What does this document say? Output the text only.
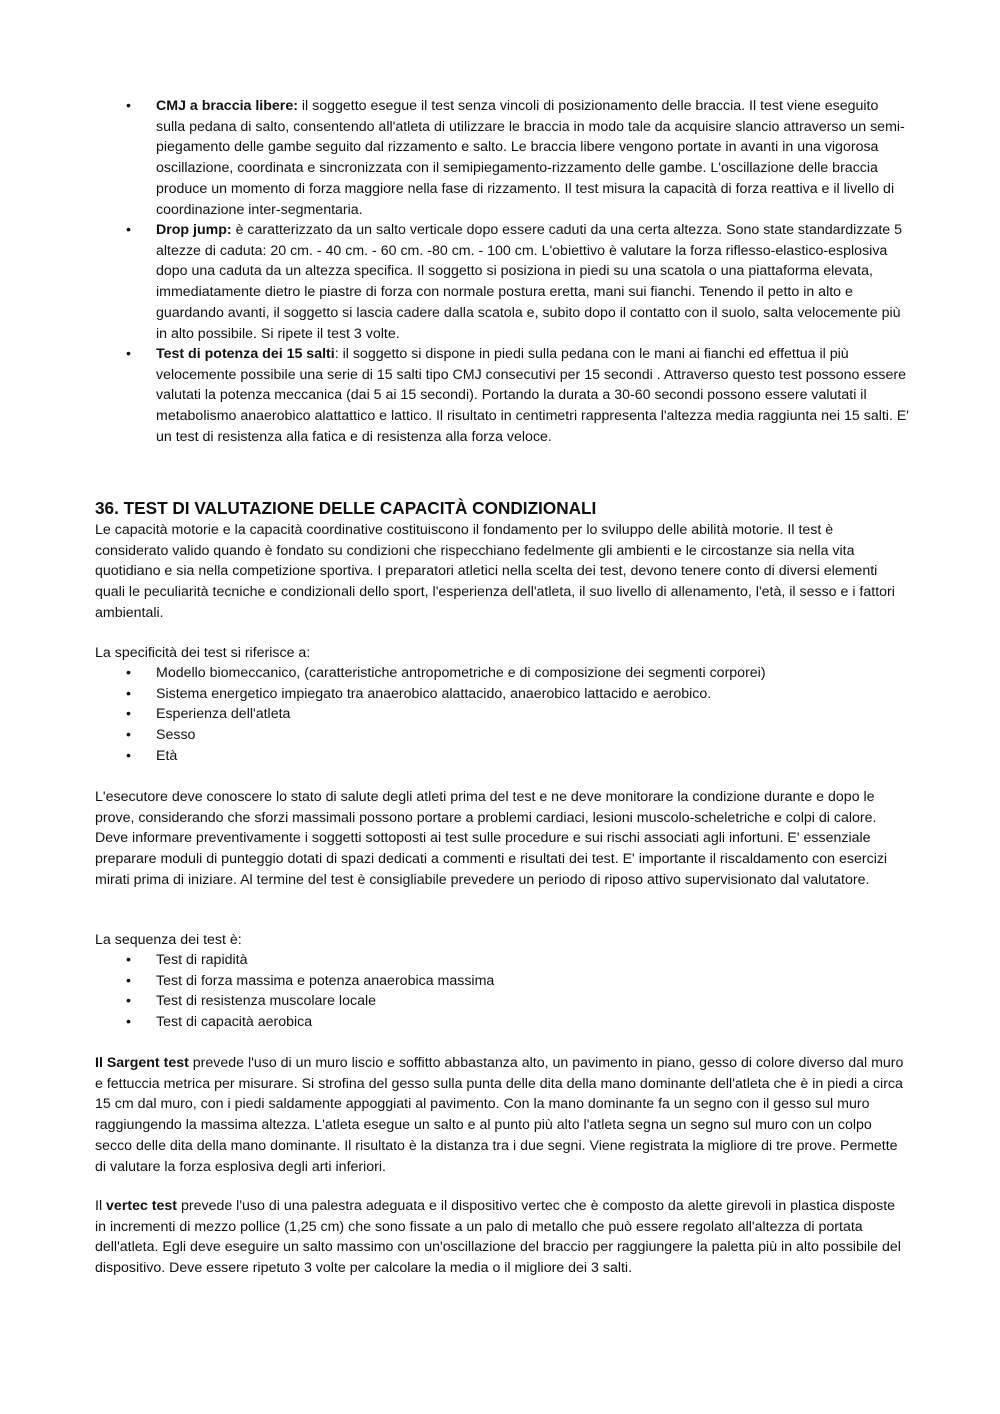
• CMJ a braccia libere: il soggetto esegue il test senza vincoli di posizionamento delle braccia. Il test viene eseguito sulla pedana di salto, consentendo all'atleta di utilizzare le braccia in modo tale da acquisire slancio attraverso un semi-piegamento delle gambe seguito dal rizzamento e salto. Le braccia libere vengono portate in avanti in una vigorosa oscillazione, coordinata e sincronizzata con il semipiegamento-rizzamento delle gambe. L'oscillazione delle braccia produce un momento di forza maggiore nella fase di rizzamento. Il test misura la capacità di forza reattiva e il livello di coordinazione inter-segmentaria.
• Drop jump: è caratterizzato da un salto verticale dopo essere caduti da una certa altezza. Sono state standardizzate 5 altezze di caduta: 20 cm. - 40 cm. - 60 cm. -80 cm. - 100 cm. L'obiettivo è valutare la forza riflesso-elastico-esplosiva dopo una caduta da un altezza specifica. Il soggetto si posiziona in piedi su una scatola o una piattaforma elevata, immediatamente dietro le piastre di forza con normale postura eretta, mani sui fianchi. Tenendo il petto in alto e guardando avanti, il soggetto si lascia cadere dalla scatola e, subito dopo il contatto con il suolo, salta velocemente più in alto possibile. Si ripete il test 3 volte.
• Test di potenza dei 15 salti: il soggetto si dispone in piedi sulla pedana con le mani ai fianchi ed effettua il più velocemente possibile una serie di 15 salti tipo CMJ consecutivi per 15 secondi . Attraverso questo test possono essere valutati la potenza meccanica (dai 5 ai 15 secondi). Portando la durata a 30-60 secondi possono essere valutati il metabolismo anaerobico alattattico e lattico. Il risultato in centimetri rappresenta l'altezza media raggiunta nei 15 salti. E' un test di resistenza alla fatica e di resistenza alla forza veloce.
36. TEST DI VALUTAZIONE DELLE CAPACITÀ CONDIZIONALI
Le capacità motorie e la capacità coordinative costituiscono il fondamento per lo sviluppo delle abilità motorie. Il test è considerato valido quando è fondato su condizioni che rispecchiano fedelmente gli ambienti e le circostanze sia nella vita quotidiano e sia nella competizione sportiva. I preparatori atletici nella scelta dei test, devono tenere conto di diversi elementi quali le peculiarità tecniche e condizionali dello sport, l'esperienza dell'atleta, il suo livello di allenamento, l'età, il sesso e i fattori ambientali.
La specificità dei test si riferisce a:
• Modello biomeccanico, (caratteristiche antropometriche e di composizione dei segmenti corporei)
• Sistema energetico impiegato tra anaerobico alattacido, anaerobico lattacido e aerobico.
• Esperienza dell'atleta
• Sesso
• Età
L'esecutore deve conoscere lo stato di salute degli atleti prima del test e ne deve monitorare la condizione durante e dopo le prove, considerando che sforzi massimali possono portare a problemi cardiaci, lesioni muscolo-scheletriche e colpi di calore. Deve informare preventivamente i soggetti sottoposti ai test sulle procedure e sui rischi associati agli infortuni. E' essenziale preparare moduli di punteggio dotati di spazi dedicati a commenti e risultati dei test. E' importante il riscaldamento con esercizi mirati prima di iniziare. Al termine del test è consigliabile prevedere un periodo di riposo attivo supervisionato dal valutatore.
La sequenza dei test è:
• Test di rapidità
• Test di forza massima e potenza anaerobica massima
• Test di resistenza muscolare locale
• Test di capacità aerobica
Il Sargent test prevede l'uso di un muro liscio e soffitto abbastanza alto, un pavimento in piano, gesso di colore diverso dal muro e fettuccia metrica per misurare. Si strofina del gesso sulla punta delle dita della mano dominante dell'atleta che è in piedi a circa 15 cm dal muro, con i piedi saldamente appoggiati al pavimento. Con la mano dominante fa un segno con il gesso sul muro raggiungendo la massima altezza. L'atleta esegue un salto e al punto più alto l'atleta segna un segno sul muro con un colpo secco delle dita della mano dominante. Il risultato è la distanza tra i due segni. Viene registrata la migliore di tre prove. Permette di valutare la forza esplosiva degli arti inferiori.
Il vertec test prevede l'uso di una palestra adeguata e il dispositivo vertec che è composto da alette girevoli in plastica disposte in incrementi di mezzo pollice (1,25 cm) che sono fissate a un palo di metallo che può essere regolato all'altezza di portata dell'atleta. Egli deve eseguire un salto massimo con un'oscillazione del braccio per raggiungere la paletta più in alto possibile del dispositivo. Deve essere ripetuto 3 volte per calcolare la media o il migliore dei 3 salti.
